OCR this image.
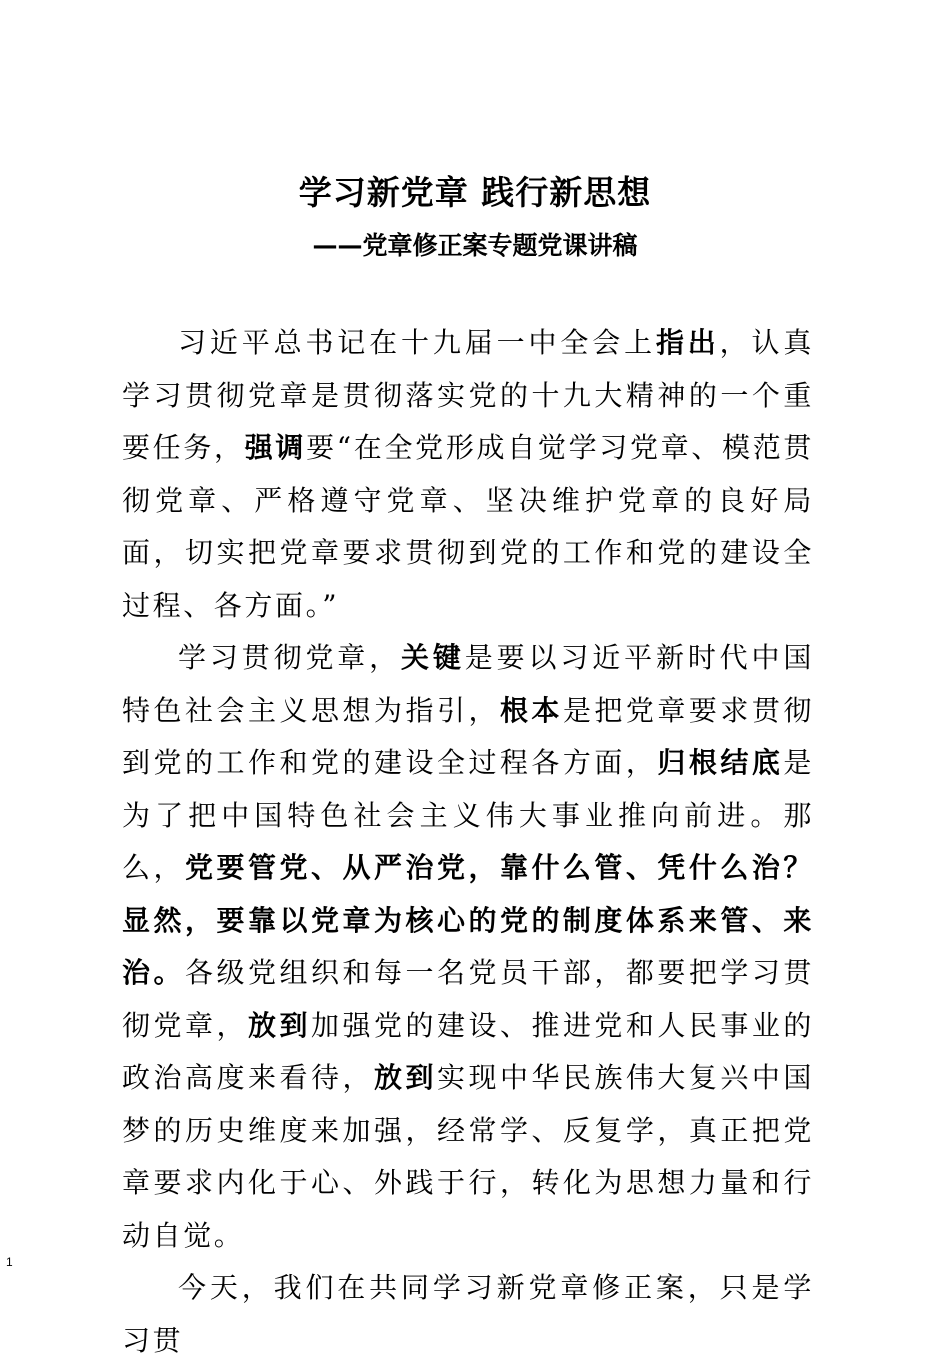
学习新党章 践行新思想
——党章修正案专题党课讲稿

习近平总书记在十九届一中全会上指出，认真学习贯彻党章是贯彻落实党的十九大精神的一个重要任务，强调要“在全党形成自觉学习党章、模范贯彻党章、严格遵守党章、坚决维护党章的良好局面，切实把党章要求贯彻到党的工作和党的建设全过程、各方面。”

学习贯彻党章，关键是要以习近平新时代中国特色社会主义思想为指引，根本是把党章要求贯彻到党的工作和党的建设全过程各方面，归根结底是为了把中国特色社会主义伟大事业推向前进。那么，党要管党、从严治党，靠什么管、凭什么治？显然，要靠以党章为核心的党的制度体系来管、来治。各级党组织和每一名党员干部，都要把学习贯彻党章，放到加强党的建设、推进党和人民事业的政治高度来看待，放到实现中华民族伟大复兴中国梦的历史维度来加强，经常学、反复学，真正把党章要求内化于心、外践于行，转化为思想力量和行动自觉。

今天，我们在共同学习新党章修正案，只是学习贯

1
